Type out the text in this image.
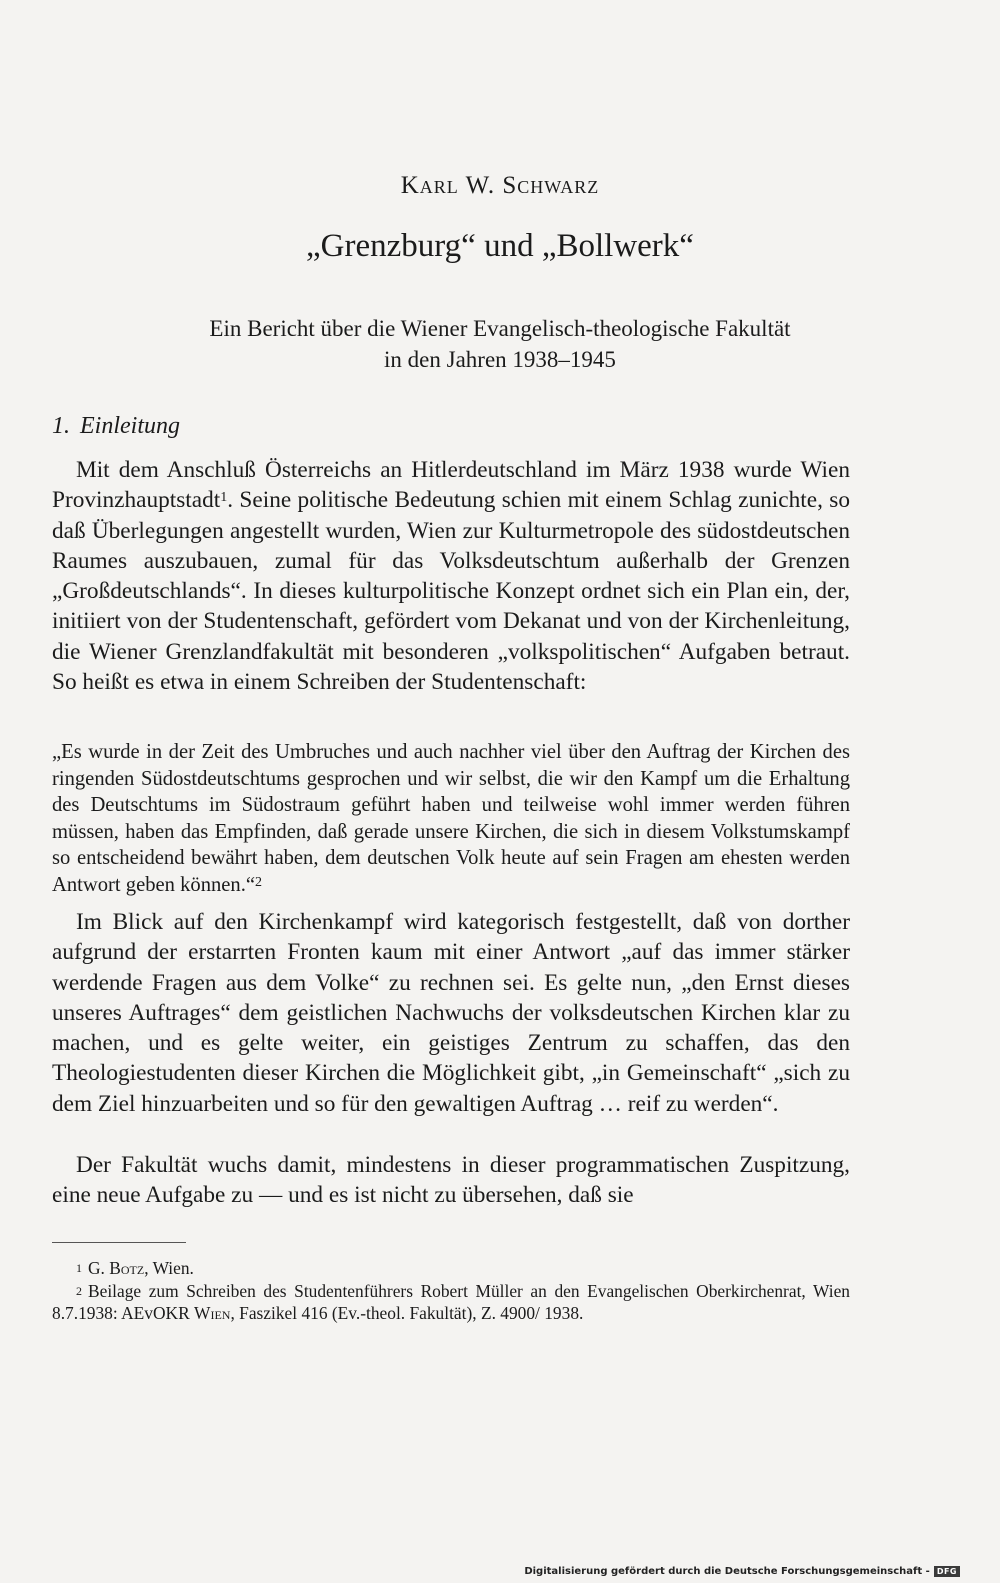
Karl W. Schwarz
„Grenzburg“ und „Bollwerk“
Ein Bericht über die Wiener Evangelisch-theologische Fakultät
in den Jahren 1938–1945
1. Einleitung

Mit dem Anschluß Österreichs an Hitlerdeutschland im März 1938 wurde Wien Provinzhauptstadt$^1$. Seine politische Bedeutung schien mit einem Schlag zunichte, so daß Überlegungen angestellt wurden, Wien zur Kulturmetropole des südostdeutschen Raumes auszubauen, zumal für das Volksdeutschtum außerhalb der Grenzen „Großdeutschlands“. In dieses kulturpolitische Konzept ordnet sich ein Plan ein, der, initiiert von der Studentenschaft, gefördert vom Dekanat und von der Kirchenleitung, die Wiener Grenzlandfakultät mit besonderen „volkspolitischen“ Aufgaben betraut. So heißt es etwa in einem Schreiben der Studentenschaft:

„Es wurde in der Zeit des Umbruches und auch nachher viel über den Auftrag der Kirchen des ringenden Südostdeutschtums gesprochen und wir selbst, die wir den Kampf um die Erhaltung des Deutschtums im Südostraum geführt haben und teilweise wohl immer werden führen müssen, haben das Empfinden, daß gerade unsere Kirchen, die sich in diesem Volkstumskampf so entscheidend bewährt haben, dem deutschen Volk heute auf sein Fragen am ehesten werden Antwort geben können.“$^2$

Im Blick auf den Kirchenkampf wird kategorisch festgestellt, daß von dorther aufgrund der erstarrten Fronten kaum mit einer Antwort „auf das immer stärker werdende Fragen aus dem Volke“ zu rechnen sei. Es gelte nun, „den Ernst dieses unseres Auftrages“ dem geistlichen Nachwuchs der volksdeutschen Kirchen klar zu machen, und es gelte weiter, ein geistiges Zentrum zu schaffen, das den Theologiestudenten dieser Kirchen die Möglichkeit gibt, „in Gemeinschaft“ „sich zu dem Ziel hinzuarbeiten und so für den gewaltigen Auftrag … reif zu werden“.

Der Fakultät wuchs damit, mindestens in dieser programmatischen Zuspitzung, eine neue Aufgabe zu — und es ist nicht zu übersehen, daß sie

$^1$ G. Botz, Wien.

$^2$ Beilage zum Schreiben des Studentenführers Robert Müller an den Evangelischen Oberkirchenrat, Wien 8.7.1938: AEvOKR Wien, Faszikel 416 (Ev.-theol. Fakultät), Z. 4900/ 1938.

Digitalisierung gefördert durch die Deutsche Forschungsgemeinschaft - DFG
